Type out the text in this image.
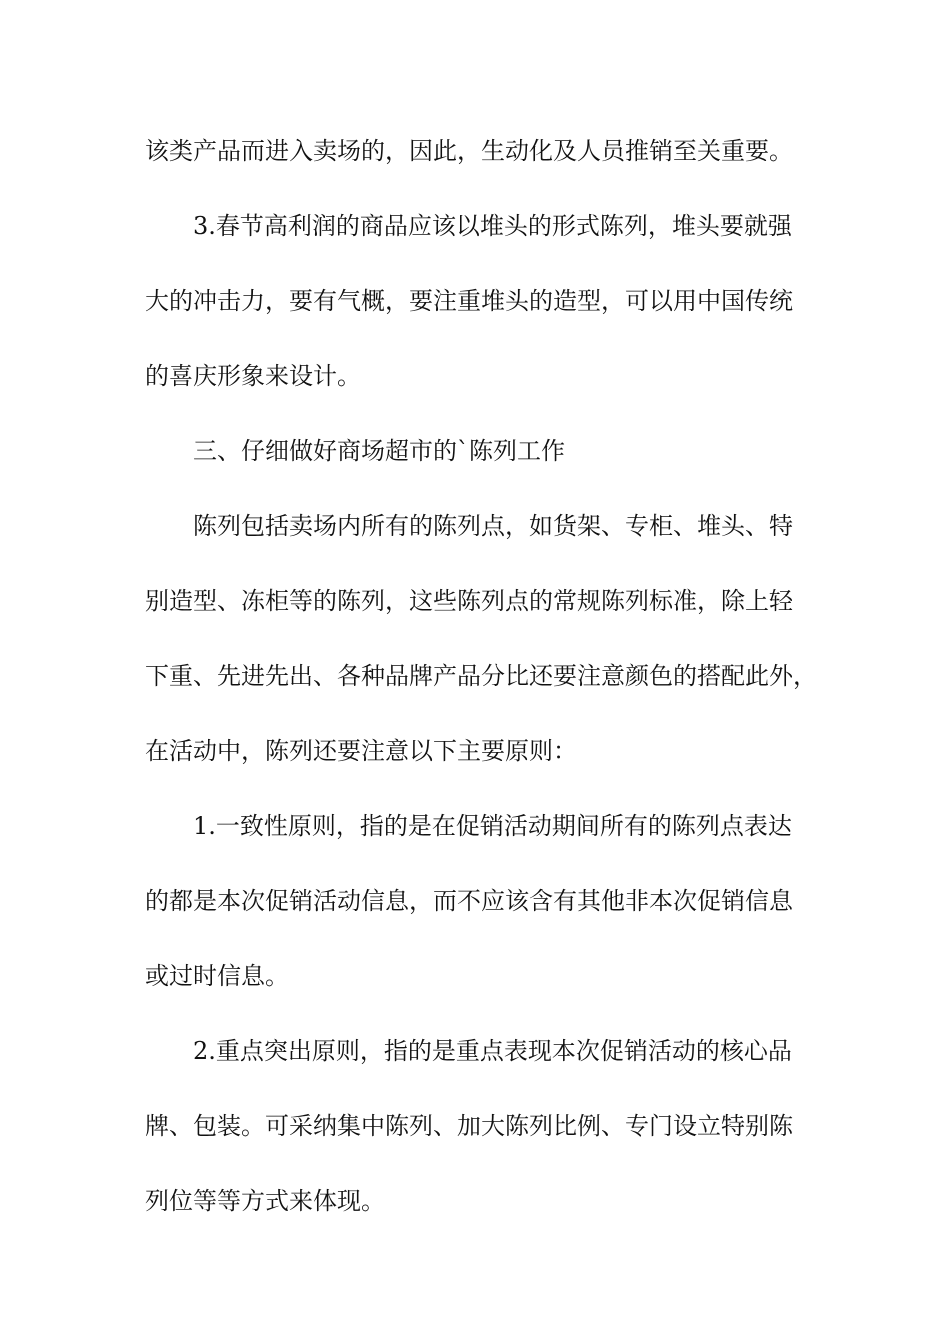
该类产品而进入卖场的，因此，生动化及人员推销至关重要。
　　3.春节高利润的商品应该以堆头的形式陈列，堆头要就强
大的冲击力，要有气概，要注重堆头的造型，可以用中国传统
的喜庆形象来设计。
　　三、仔细做好商场超市的`陈列工作
　　陈列包括卖场内所有的陈列点，如货架、专柜、堆头、特
别造型、冻柜等的陈列，这些陈列点的常规陈列标准，除上轻
下重、先进先出、各种品牌产品分比还要注意颜色的搭配此外，
在活动中，陈列还要注意以下主要原则：
　　1.一致性原则，指的是在促销活动期间所有的陈列点表达
的都是本次促销活动信息，而不应该含有其他非本次促销信息
或过时信息。
　　2.重点突出原则，指的是重点表现本次促销活动的核心品
牌、包装。可采纳集中陈列、加大陈列比例、专门设立特别陈
列位等等方式来体现。
